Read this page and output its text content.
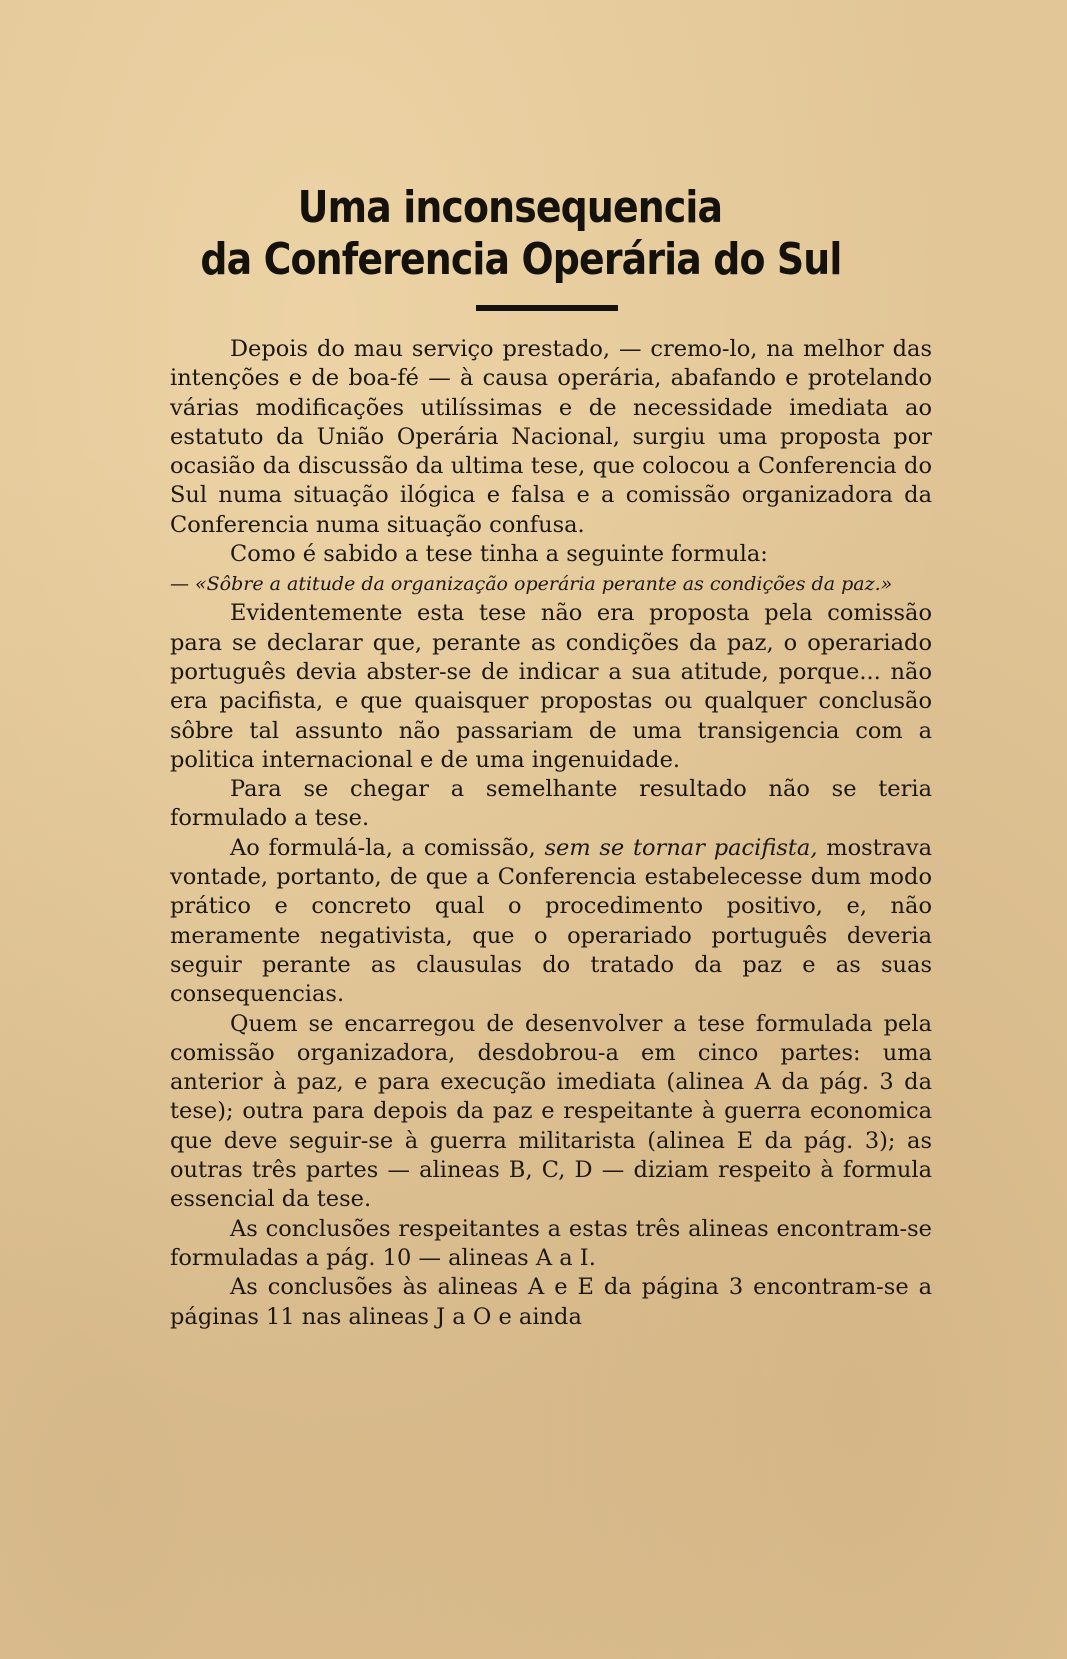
Uma inconsequencia
da Conferencia Operária do Sul

Depois do mau serviço prestado, — cremo-lo, na melhor das intenções e de boa-fé — à causa operária, abafando e protelando várias modificações utilíssimas e de necessidade imediata ao estatuto da União Operária Nacional, surgiu uma proposta por ocasião da discussão da ultima tese, que colocou a Conferencia do Sul numa situação ilógica e falsa e a comissão organizadora da Conferencia numa situação confusa.

Como é sabido a tese tinha a seguinte formula:

— «Sôbre a atitude da organização operária perante as condições da paz.»

Evidentemente esta tese não era proposta pela comissão para se declarar que, perante as condições da paz, o operariado português devia abster-se de indicar a sua atitude, porque... não era pacifista, e que quaisquer propostas ou qualquer conclusão sôbre tal assunto não passariam de uma transigencia com a politica internacional e de uma ingenuidade.

Para se chegar a semelhante resultado não se teria formulado a tese.

Ao formulá-la, a comissão, sem se tornar pacifista, mostrava vontade, portanto, de que a Conferencia estabelecesse dum modo prático e concreto qual o procedimento positivo, e, não meramente negativista, que o operariado português deveria seguir perante as clausulas do tratado da paz e as suas consequencias.

Quem se encarregou de desenvolver a tese formulada pela comissão organizadora, desdobrou-a em cinco partes: uma anterior à paz, e para execução imediata (alinea A da pág. 3 da tese); outra para depois da paz e respeitante à guerra economica que deve seguir-se à guerra militarista (alinea E da pág. 3); as outras três partes — alineas B, C, D — diziam respeito à formula essencial da tese.

As conclusões respeitantes a estas três alineas encontram-se formuladas a pág. 10 — alineas A a I.

As conclusões às alineas A e E da página 3 encontram-se a páginas 11 nas alineas J a O e ainda
